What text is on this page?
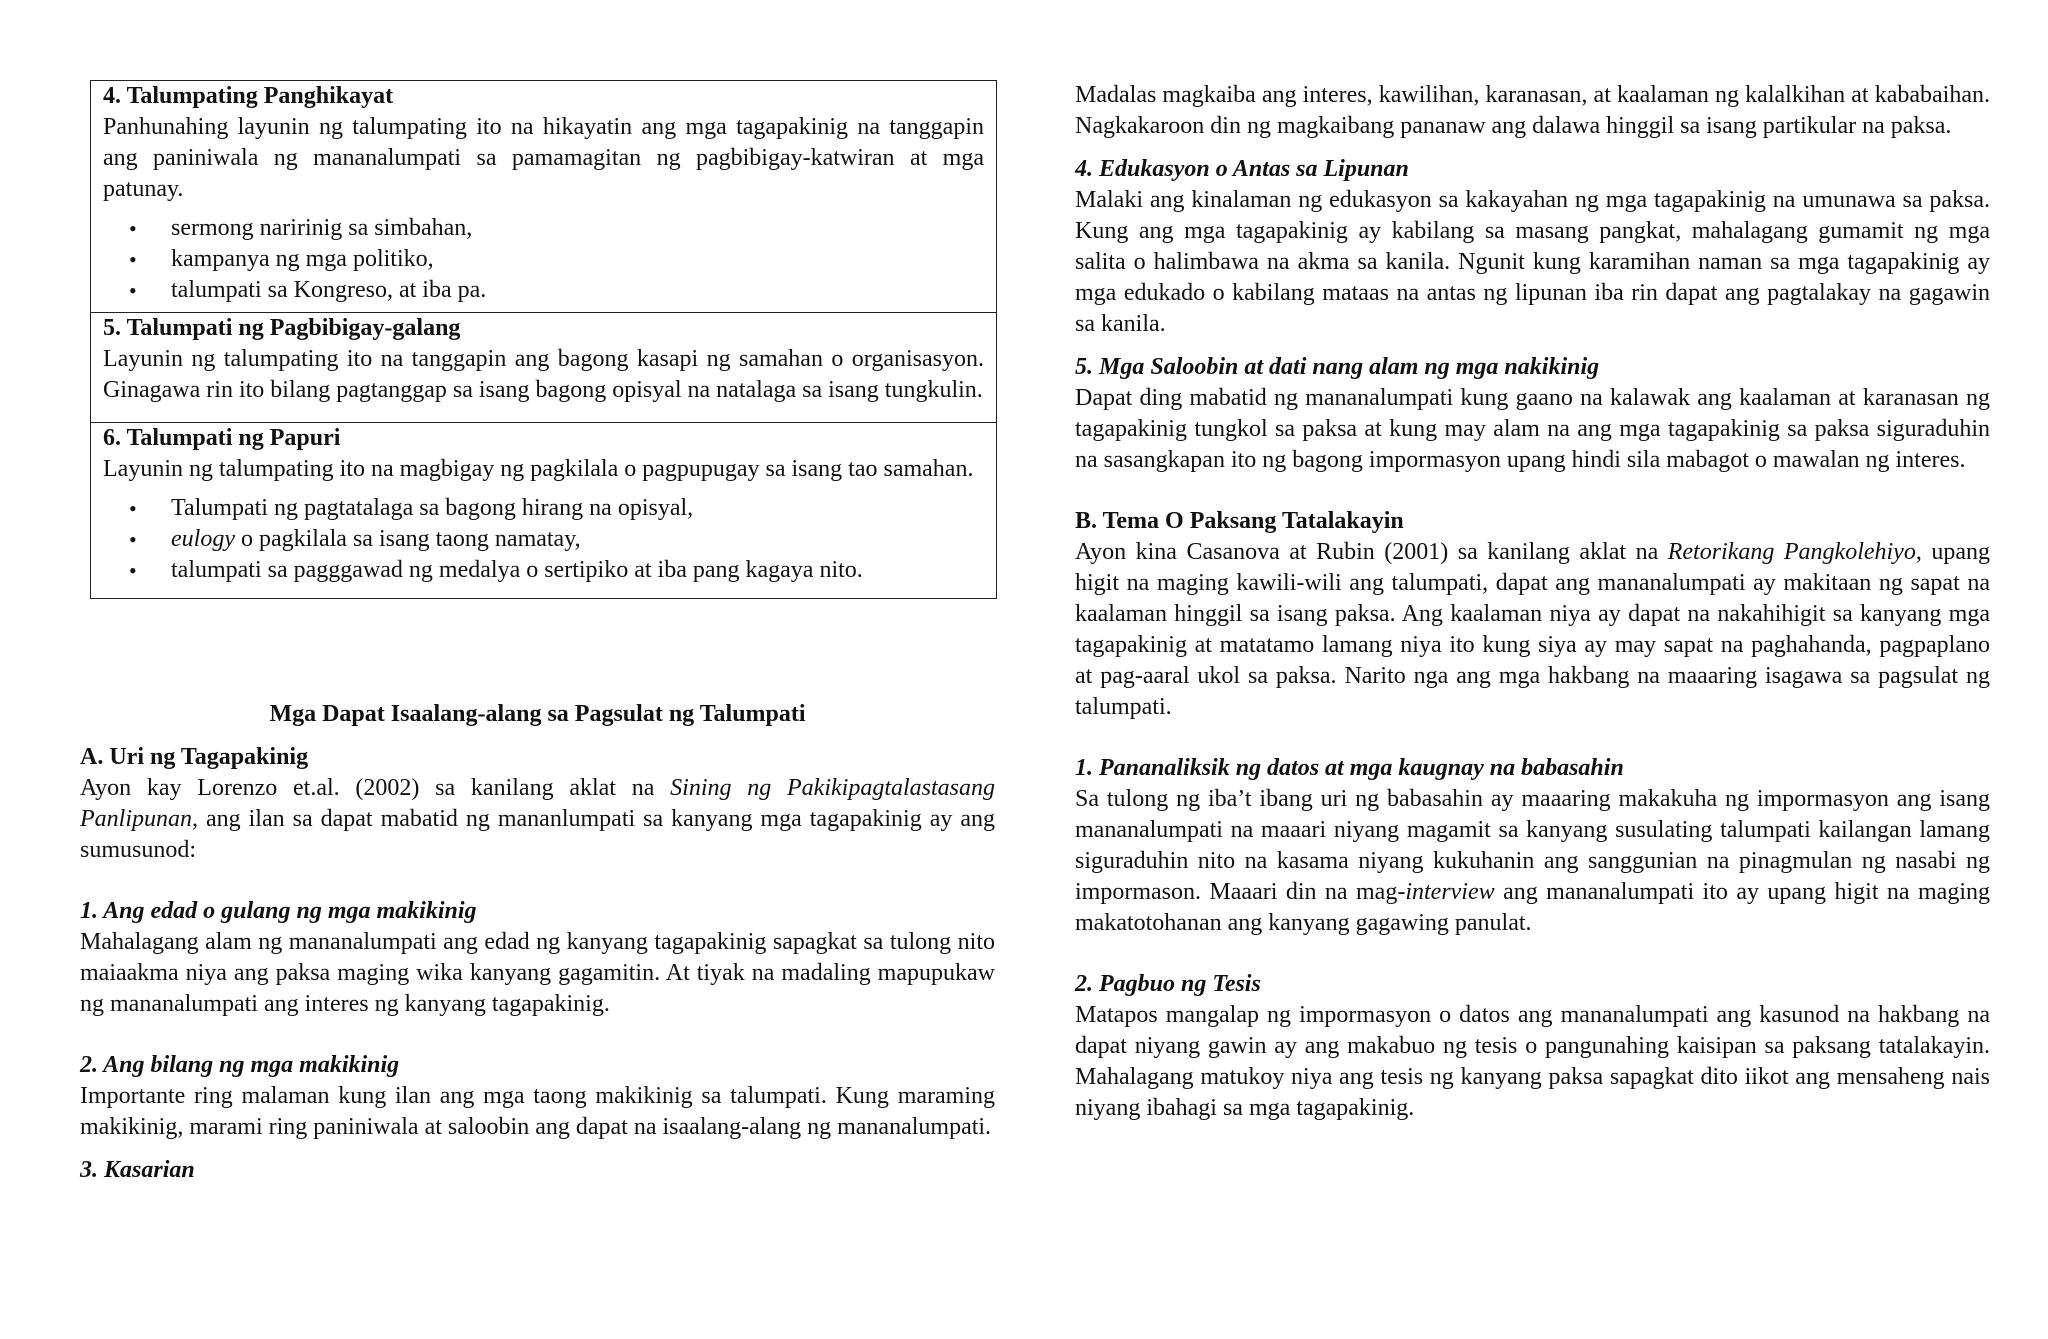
4. Talumpating Panghikayat

Panhunahing layunin ng talumpating ito na hikayatin ang mga tagapakinig na tanggapin ang paniniwala ng mananalumpati sa pamamagitan ng pagbibigay-katwiran at mga patunay.

• sermong naririnig sa simbahan,
• kampanya ng mga politiko,
• talumpati sa Kongreso, at iba pa.
5. Talumpati ng Pagbibigay-galang

Layunin ng talumpating ito na tanggapin ang bagong kasapi ng samahan o organisasyon. Ginagawa rin ito bilang pagtanggap sa isang bagong opisyal na natalaga sa isang tungkulin.

6. Talumpati ng Papuri

Layunin ng talumpating ito na magbigay ng pagkilala o pagpupugay sa isang tao samahan.

• Talumpati ng pagtatalaga sa bagong hirang na opisyal,
• eulogy o pagkilala sa isang taong namatay,
• talumpati sa pagggawad ng medalya o sertipiko at iba pang kagaya nito.

Mga Dapat Isaalang-alang sa Pagsulat ng Talumpati

A. Uri ng Tagapakinig

Ayon kay Lorenzo et.al. (2002) sa kanilang aklat na Sining ng Pakikipagtalastasang Panlipunan, ang ilan sa dapat mabatid ng mananlumpati sa kanyang mga tagapakinig ay ang sumusunod:

1. Ang edad o gulang ng mga makikinig

Mahalagang alam ng mananalumpati ang edad ng kanyang tagapakinig sapagkat sa tulong nito maiaakma niya ang paksa maging wika kanyang gagamitin. At tiyak na madaling mapupukaw ng mananalumpati ang interes ng kanyang tagapakinig.

2. Ang bilang ng mga makikinig

Importante ring malaman kung ilan ang mga taong makikinig sa talumpati. Kung maraming makikinig, marami ring paniniwala at saloobin ang dapat na isaalang-alang ng mananalumpati.

3. Kasarian

Madalas magkaiba ang interes, kawilihan, karanasan, at kaalaman ng kalalkihan at kababaihan. Nagkakaroon din ng magkaibang pananaw ang dalawa hinggil sa isang partikular na paksa.

4. Edukasyon o Antas sa Lipunan

Malaki ang kinalaman ng edukasyon sa kakayahan ng mga tagapakinig na umunawa sa paksa. Kung ang mga tagapakinig ay kabilang sa masang pangkat, mahalagang gumamit ng mga salita o halimbawa na akma sa kanila. Ngunit kung karamihan naman sa mga tagapakinig ay mga edukado o kabilang mataas na antas ng lipunan iba rin dapat ang pagtalakay na gagawin sa kanila.

5. Mga Saloobin at dati nang alam ng mga nakikinig

Dapat ding mabatid ng mananalumpati kung gaano na kalawak ang kaalaman at karanasan ng tagapakinig tungkol sa paksa at kung may alam na ang mga tagapakinig sa paksa siguraduhin na sasangkapan ito ng bagong impormasyon upang hindi sila mabagot o mawalan ng interes.

B. Tema O Paksang Tatalakayin

Ayon kina Casanova at Rubin (2001) sa kanilang aklat na Retorikang Pangkolehiyo, upang higit na maging kawili-wili ang talumpati, dapat ang mananalumpati ay makitaan ng sapat na kaalaman hinggil sa isang paksa. Ang kaalaman niya ay dapat na nakahihigit sa kanyang mga tagapakinig at matatamo lamang niya ito kung siya ay may sapat na paghahanda, pagpaplano at pag-aaral ukol sa paksa. Narito nga ang mga hakbang na maaaring isagawa sa pagsulat ng talumpati.

1. Pananaliksik ng datos at mga kaugnay na babasahin

Sa tulong ng iba’t ibang uri ng babasahin ay maaaring makakuha ng impormasyon ang isang mananalumpati na maaari niyang magamit sa kanyang susulating talumpati kailangan lamang siguraduhin nito na kasama niyang kukuhanin ang sanggunian na pinagmulan ng nasabi ng impormason. Maaari din na mag-interview ang mananalumpati ito ay upang higit na maging makatotohanan ang kanyang gagawing panulat.

2. Pagbuo ng Tesis

Matapos mangalap ng impormasyon o datos ang mananalumpati ang kasunod na hakbang na dapat niyang gawin ay ang makabuo ng tesis o pangunahing kaisipan sa paksang tatalakayin. Mahalagang matukoy niya ang tesis ng kanyang paksa sapagkat dito iikot ang mensaheng nais niyang ibahagi sa mga tagapakinig.
